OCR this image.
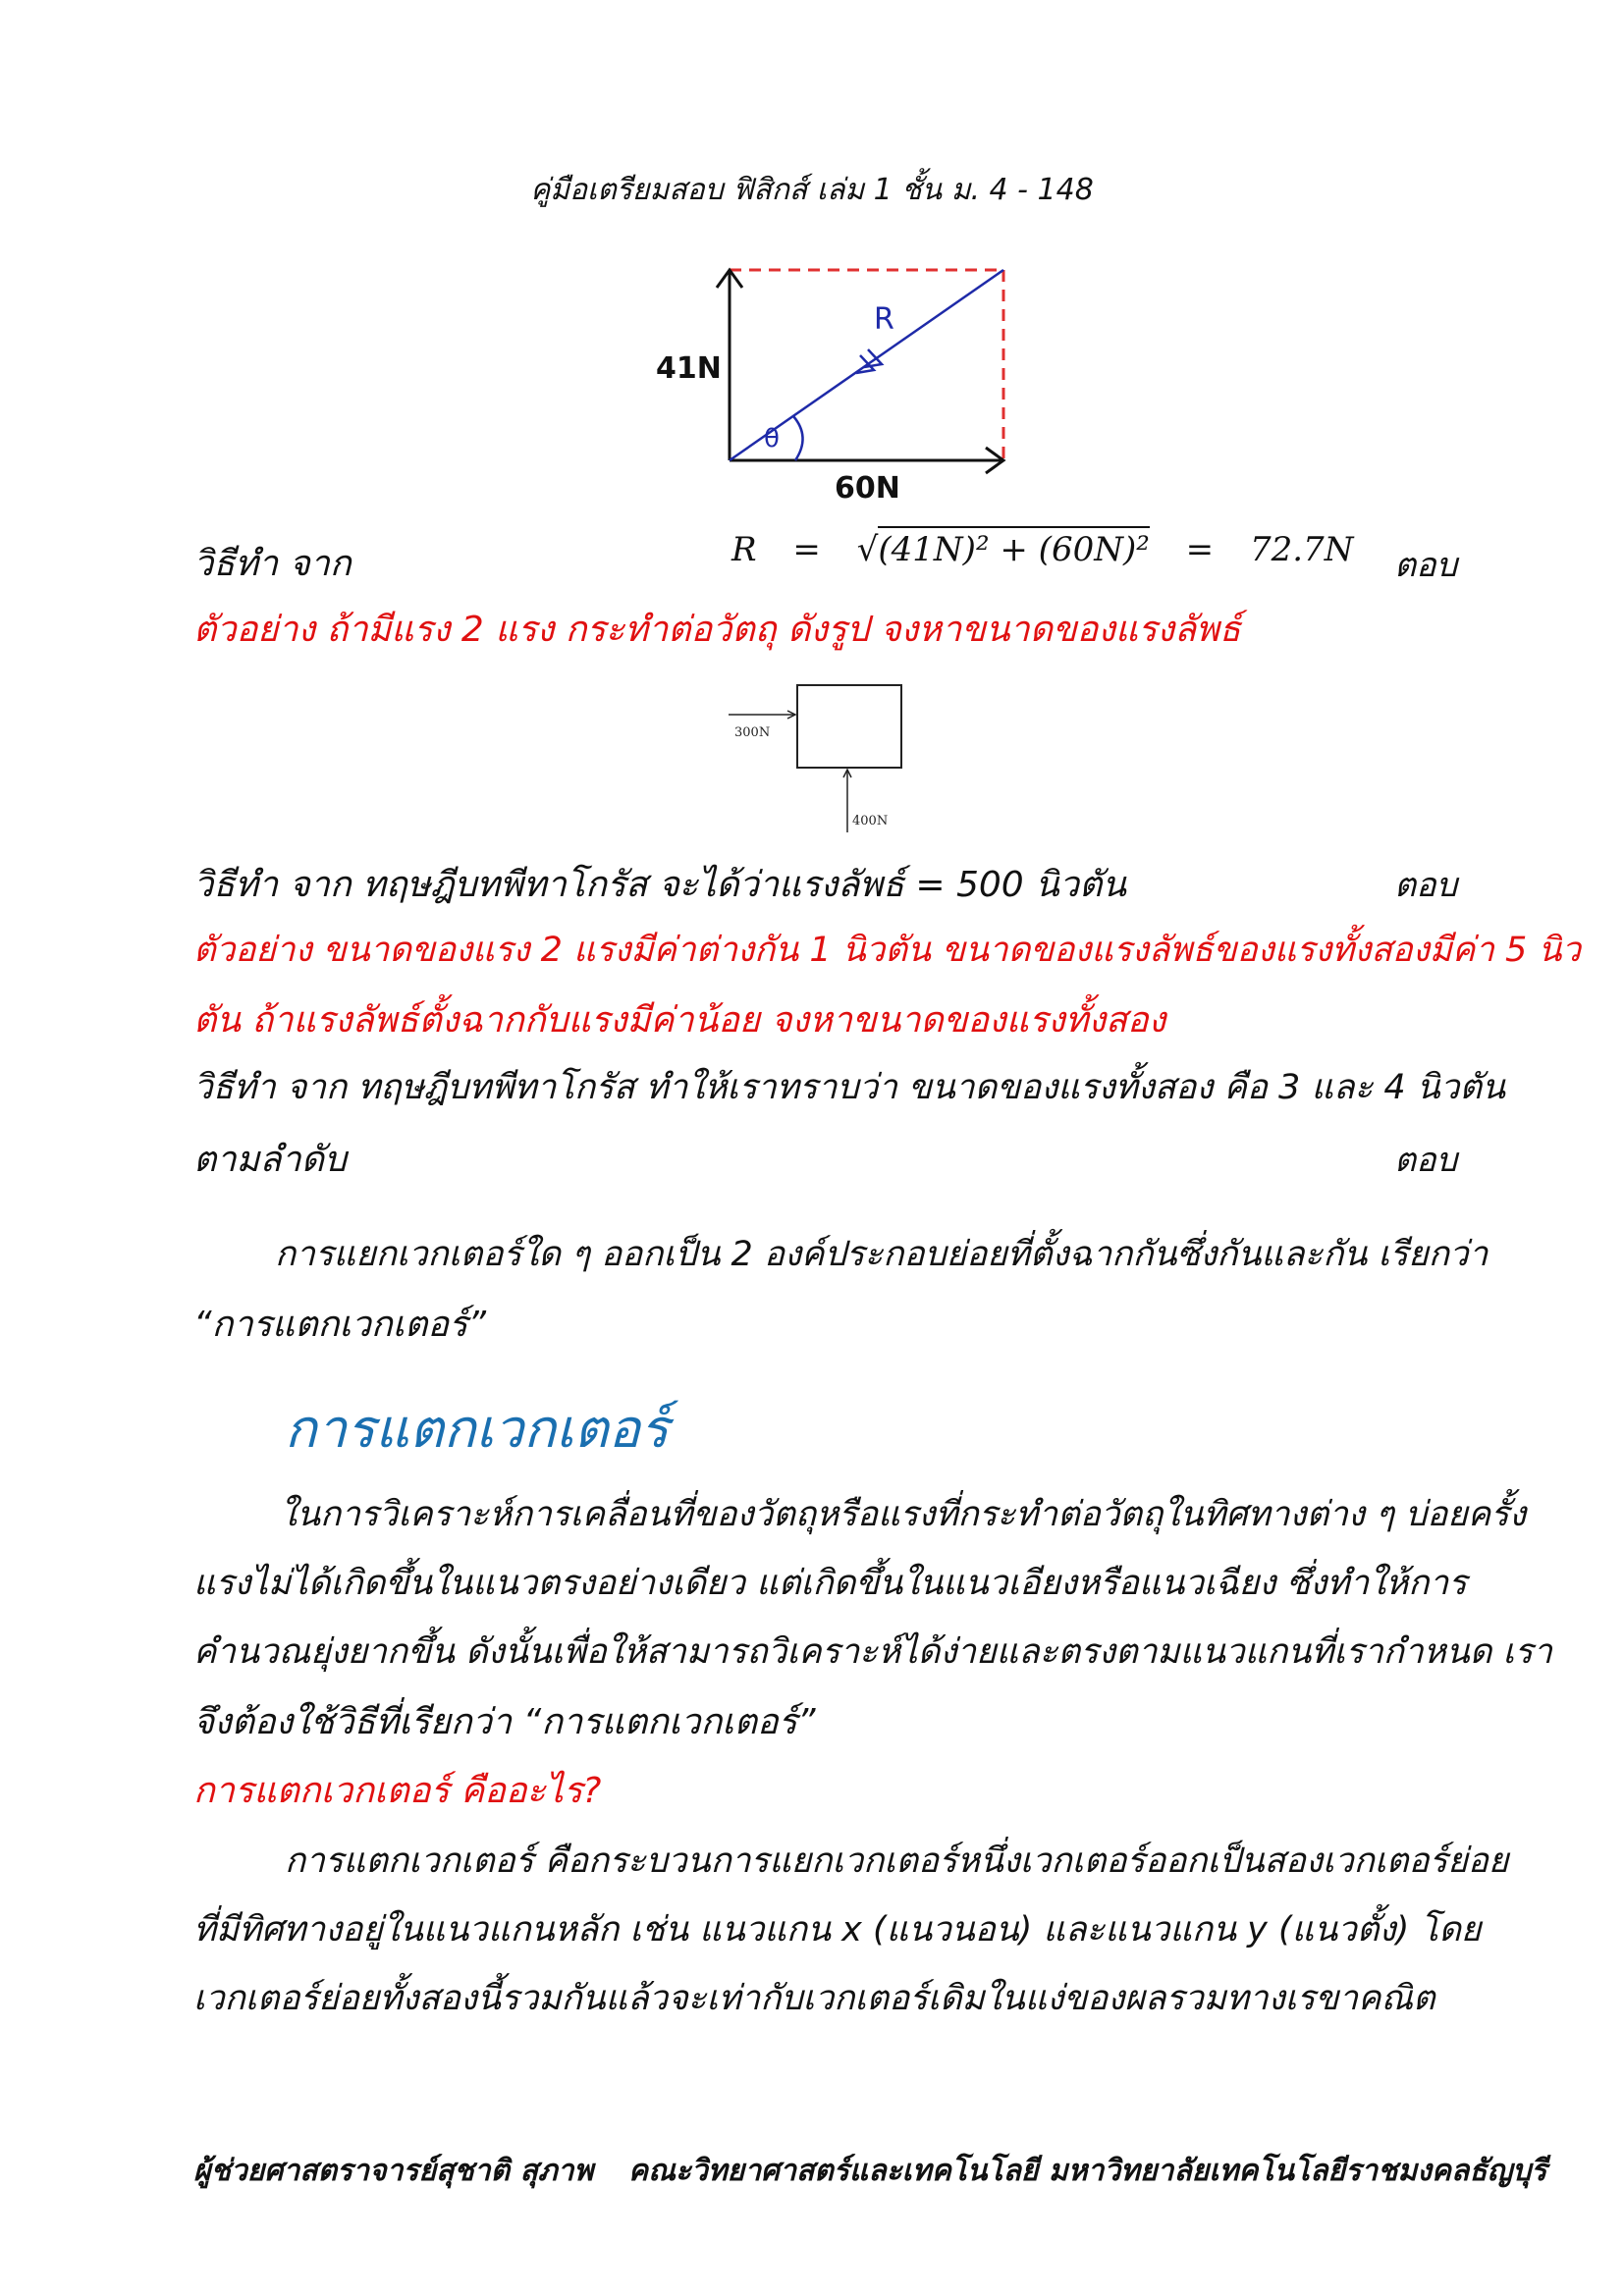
คู่มือเตรียมสอบ ฟิสิกส์ เล่ม 1 ชั้น ม. 4 - 148
θ
R
41N
60N
วิธีทำ จาก	R = √(41N)² + (60N)² = 72.7N ตอบ
ตัวอย่าง ถ้ามีแรง 2 แรง กระทำต่อวัตถุ ดังรูป จงหาขนาดของแรงลัพธ์
300N
400N
วิธีทำ จาก ทฤษฎีบทพีทาโกรัส จะได้ว่าแรงลัพธ์ = 500 นิวตัน	ตอบ
ตัวอย่าง ขนาดของแรง 2 แรงมีค่าต่างกัน 1 นิวตัน ขนาดของแรงลัพธ์ของแรงทั้งสองมีค่า 5 นิว
ตัน ถ้าแรงลัพธ์ตั้งฉากกับแรงมีค่าน้อย จงหาขนาดของแรงทั้งสอง
วิธีทำ จาก ทฤษฎีบทพีทาโกรัส ทำให้เราทราบว่า ขนาดของแรงทั้งสอง คือ 3 และ 4 นิวตัน
ตามลำดับ	ตอบ
การแยกเวกเตอร์ใด ๆ ออกเป็น 2 องค์ประกอบย่อยที่ตั้งฉากกันซึ่งกันและกัน เรียกว่า
“การแตกเวกเตอร์”
การแตกเวกเตอร์
ในการวิเคราะห์การเคลื่อนที่ของวัตถุหรือแรงที่กระทำต่อวัตถุในทิศทางต่าง ๆ บ่อยครั้ง
แรงไม่ได้เกิดขึ้นในแนวตรงอย่างเดียว แต่เกิดขึ้นในแนวเอียงหรือแนวเฉียง ซึ่งทำให้การ
คำนวณยุ่งยากขึ้น ดังนั้นเพื่อให้สามารถวิเคราะห์ได้ง่ายและตรงตามแนวแกนที่เรากำหนด เรา
จึงต้องใช้วิธีที่เรียกว่า “การแตกเวกเตอร์”
การแตกเวกเตอร์ คืออะไร?
การแตกเวกเตอร์ คือกระบวนการแยกเวกเตอร์หนึ่งเวกเตอร์ออกเป็นสองเวกเตอร์ย่อย
ที่มีทิศทางอยู่ในแนวแกนหลัก เช่น แนวแกน x (แนวนอน) และแนวแกน y (แนวตั้ง) โดย
เวกเตอร์ย่อยทั้งสองนี้รวมกันแล้วจะเท่ากับเวกเตอร์เดิมในแง่ของผลรวมทางเรขาคณิต
ผู้ช่วยศาสตราจารย์สุชาติ สุภาพ คณะวิทยาศาสตร์และเทคโนโลยี มหาวิทยาลัยเทคโนโลยีราชมงคลธัญบุรี
